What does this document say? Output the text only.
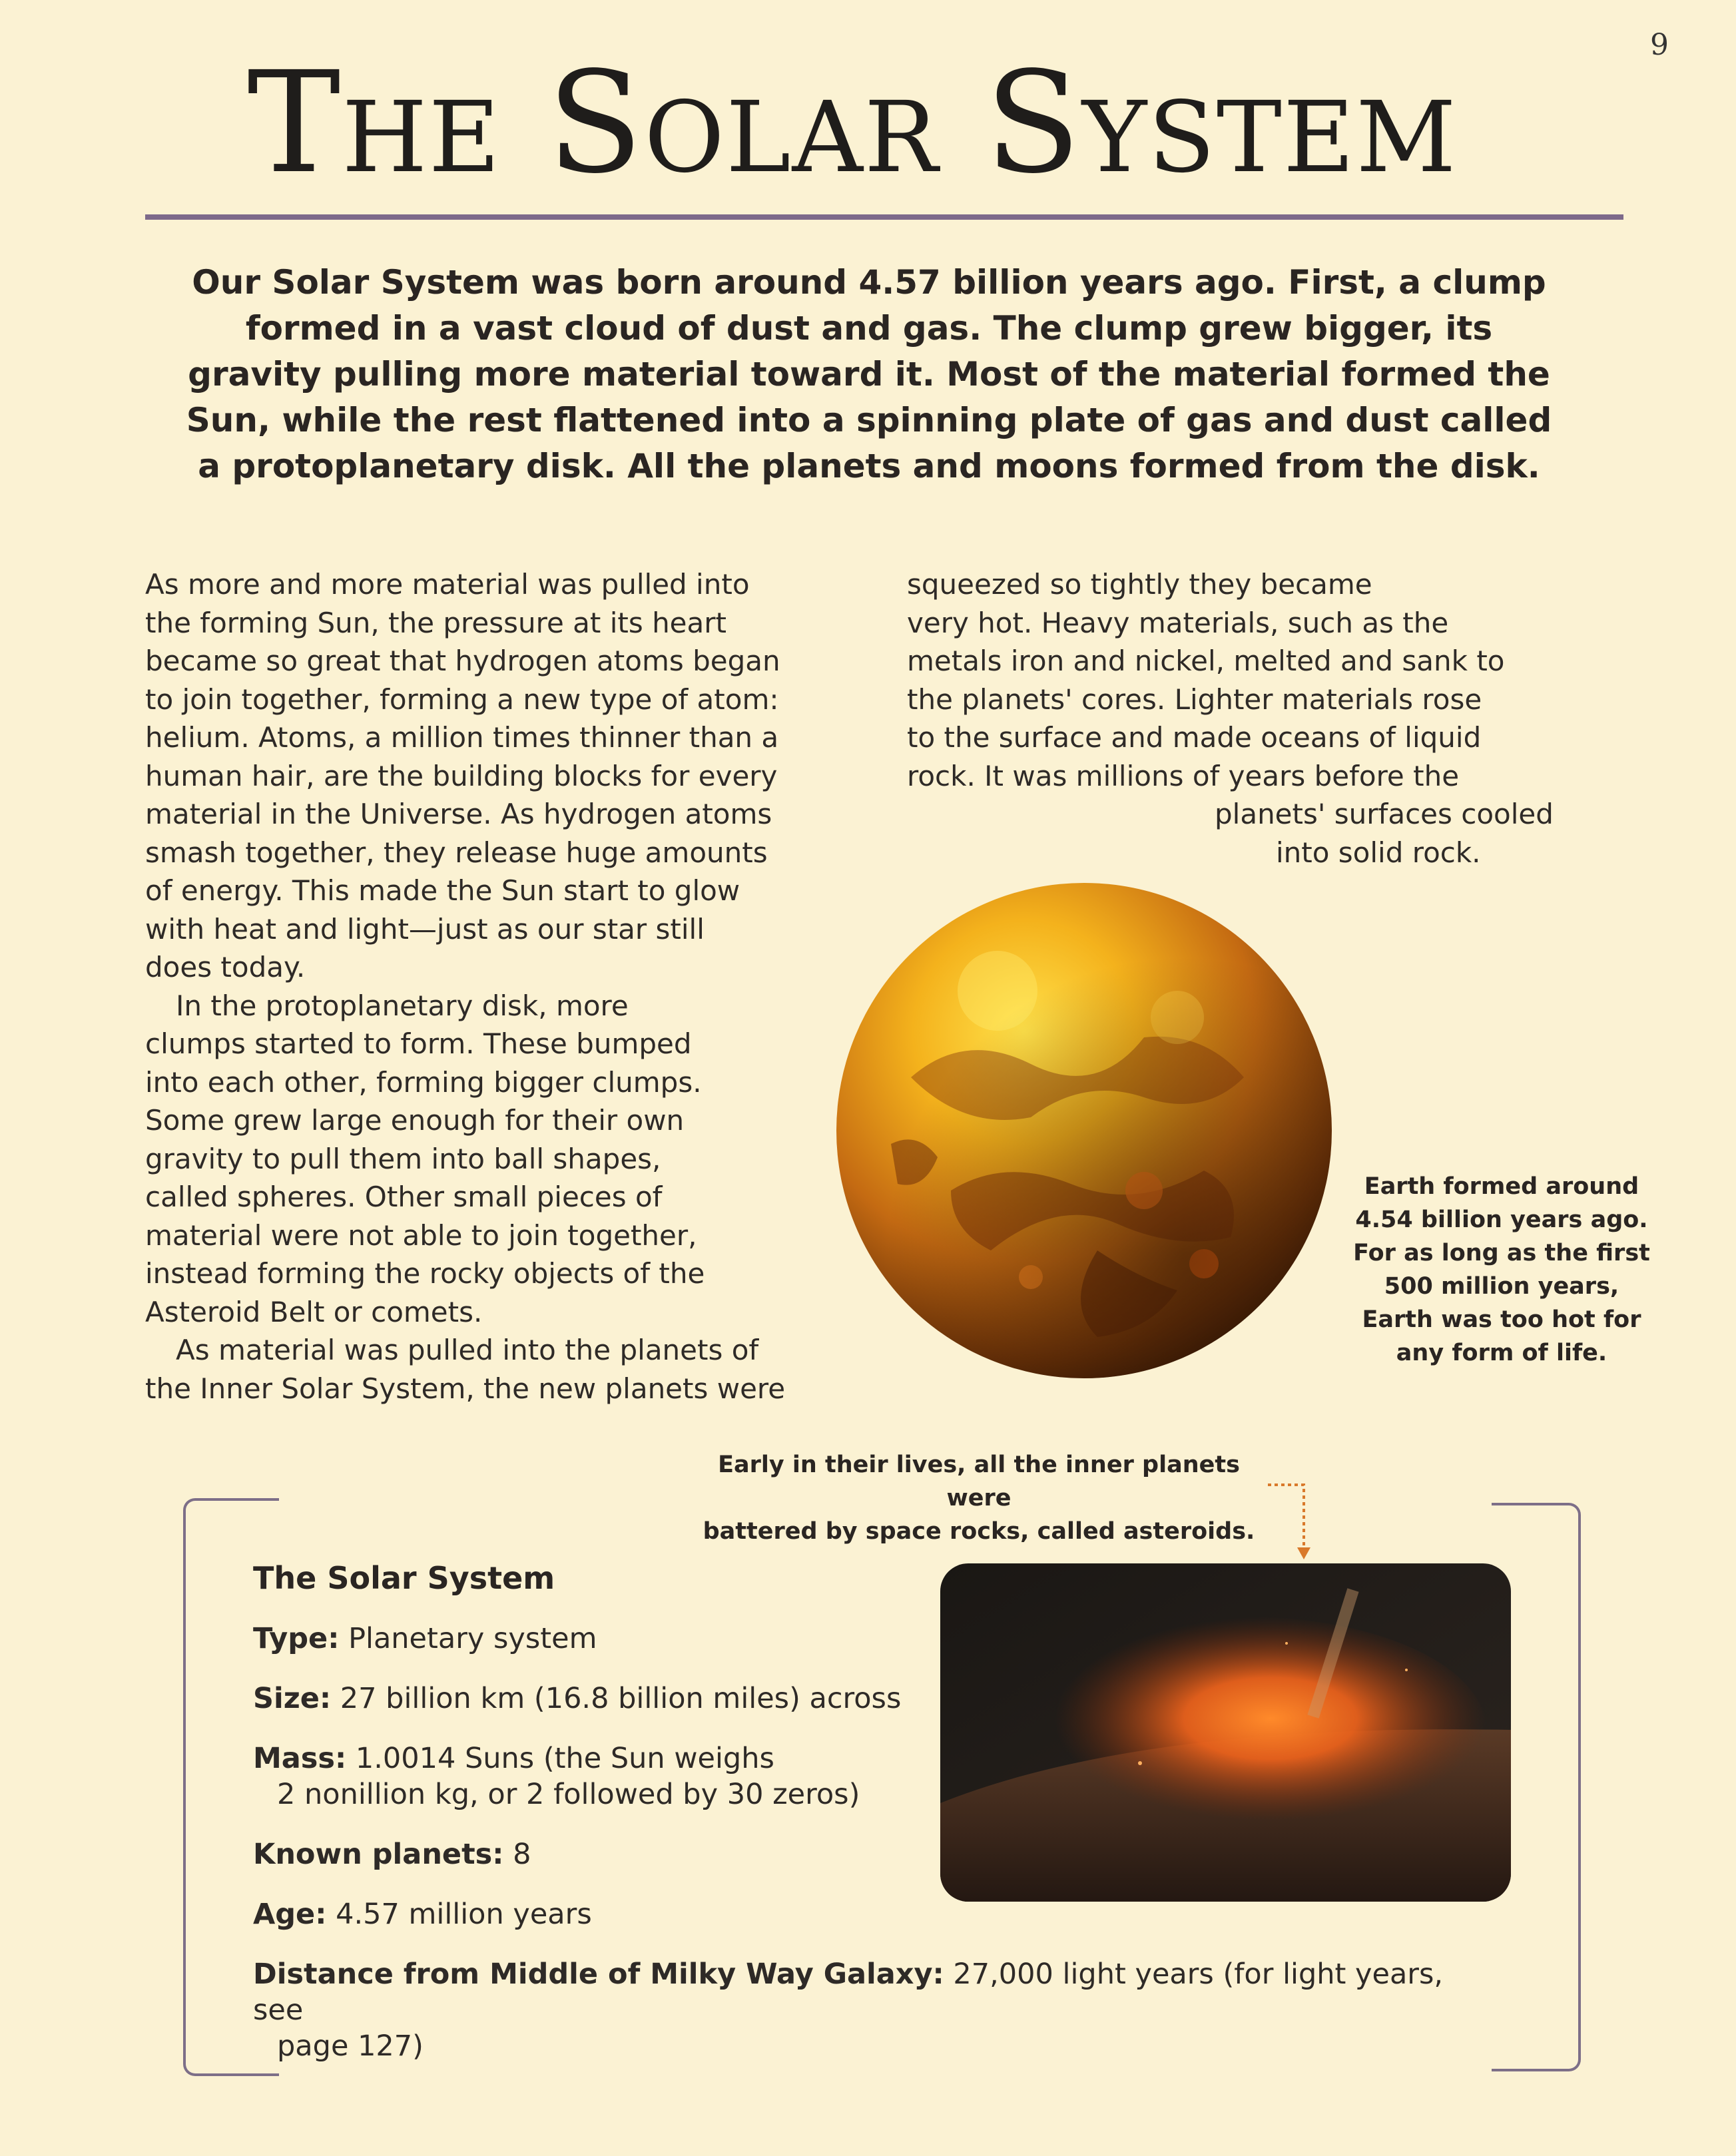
9
The Solar System

Our Solar System was born around 4.57 billion years ago. First, a clump
formed in a vast cloud of dust and gas. The clump grew bigger, its
gravity pulling more material toward it. Most of the material formed the
Sun, while the rest flattened into a spinning plate of gas and dust called
a protoplanetary disk. All the planets and moons formed from the disk.

As more and more material was pulled into
the forming Sun, the pressure at its heart
became so great that hydrogen atoms began
to join together, forming a new type of atom:
helium. Atoms, a million times thinner than a
human hair, are the building blocks for every
material in the Universe. As hydrogen atoms
smash together, they release huge amounts
of energy. This made the Sun start to glow
with heat and light—just as our star still
does today.
In the protoplanetary disk, more
clumps started to form. These bumped
into each other, forming bigger clumps.
Some grew large enough for their own
gravity to pull them into ball shapes,
called spheres. Other small pieces of
material were not able to join together,
instead forming the rocky objects of the
Asteroid Belt or comets.
As material was pulled into the planets of
the Inner Solar System, the new planets were
squeezed so tightly they became
very hot. Heavy materials, such as the
metals iron and nickel, melted and sank to
the planets' cores. Lighter materials rose
to the surface and made oceans of liquid
rock. It was millions of years before the
planets' surfaces cooled
into solid rock.

Earth formed around
4.54 billion years ago.
For as long as the first
500 million years,
Earth was too hot for
any form of life.

Early in their lives, all the inner planets were
battered by space rocks, called asteroids.

The Solar System

Type: Planetary system

Size: 27 billion km (16.8 billion miles) across

Mass: 1.0014 Suns (the Sun weighs
2 nonillion kg, or 2 followed by 30 zeros)

Known planets: 8

Age: 4.57 million years

Distance from Middle of Milky Way Galaxy: 27,000 light years (for light years, see
page 127)
